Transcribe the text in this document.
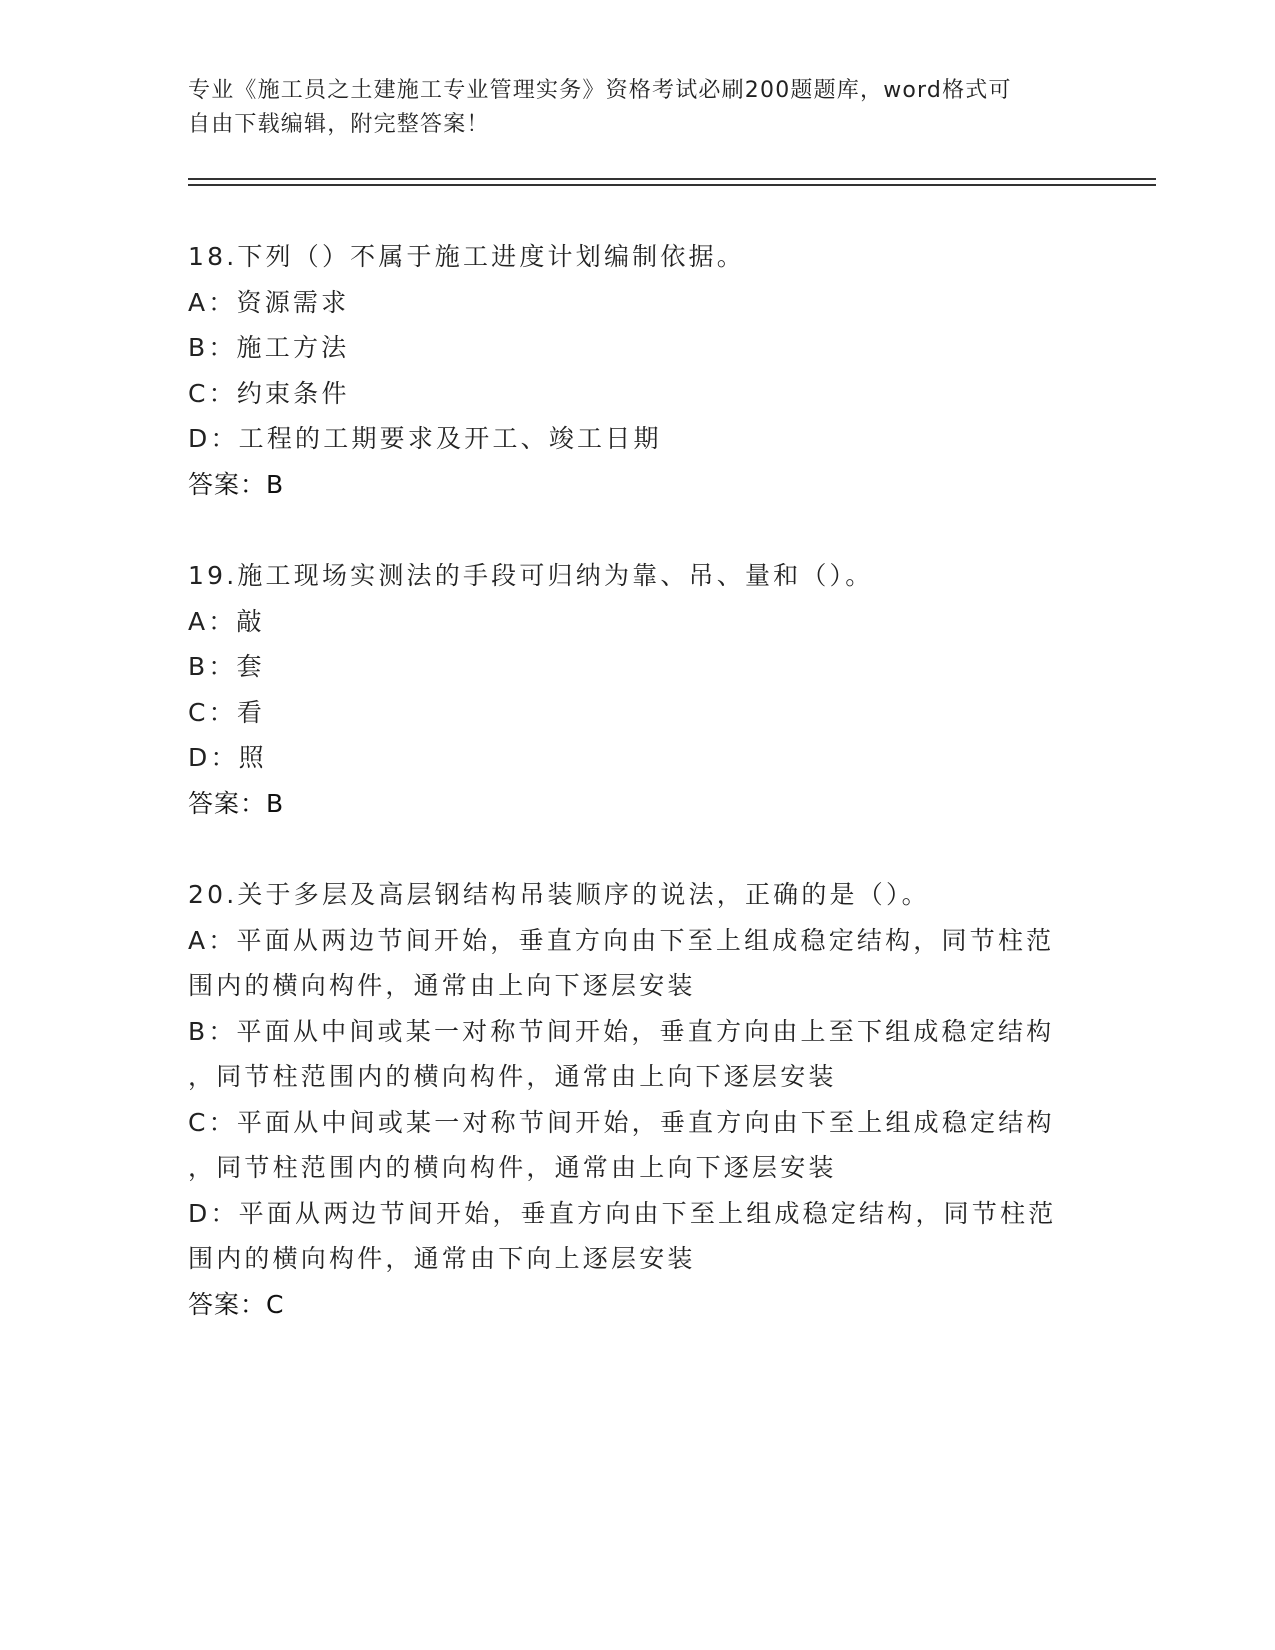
专业《施工员之土建施工专业管理实务》资格考试必刷200题题库，word格式可
自由下载编辑，附完整答案！
18.下列（）不属于施工进度计划编制依据。
A：资源需求
B：施工方法
C：约束条件
D：工程的工期要求及开工、竣工日期
答案：B
19.施工现场实测法的手段可归纳为靠、吊、量和（）。
A：敲
B：套
C：看
D：照
答案：B
20.关于多层及高层钢结构吊装顺序的说法，正确的是（）。
A：平面从两边节间开始，垂直方向由下至上组成稳定结构，同节柱范
围内的横向构件，通常由上向下逐层安装
B：平面从中间或某一对称节间开始，垂直方向由上至下组成稳定结构
，同节柱范围内的横向构件，通常由上向下逐层安装
C：平面从中间或某一对称节间开始，垂直方向由下至上组成稳定结构
，同节柱范围内的横向构件，通常由上向下逐层安装
D：平面从两边节间开始，垂直方向由下至上组成稳定结构，同节柱范
围内的横向构件，通常由下向上逐层安装
答案：C
